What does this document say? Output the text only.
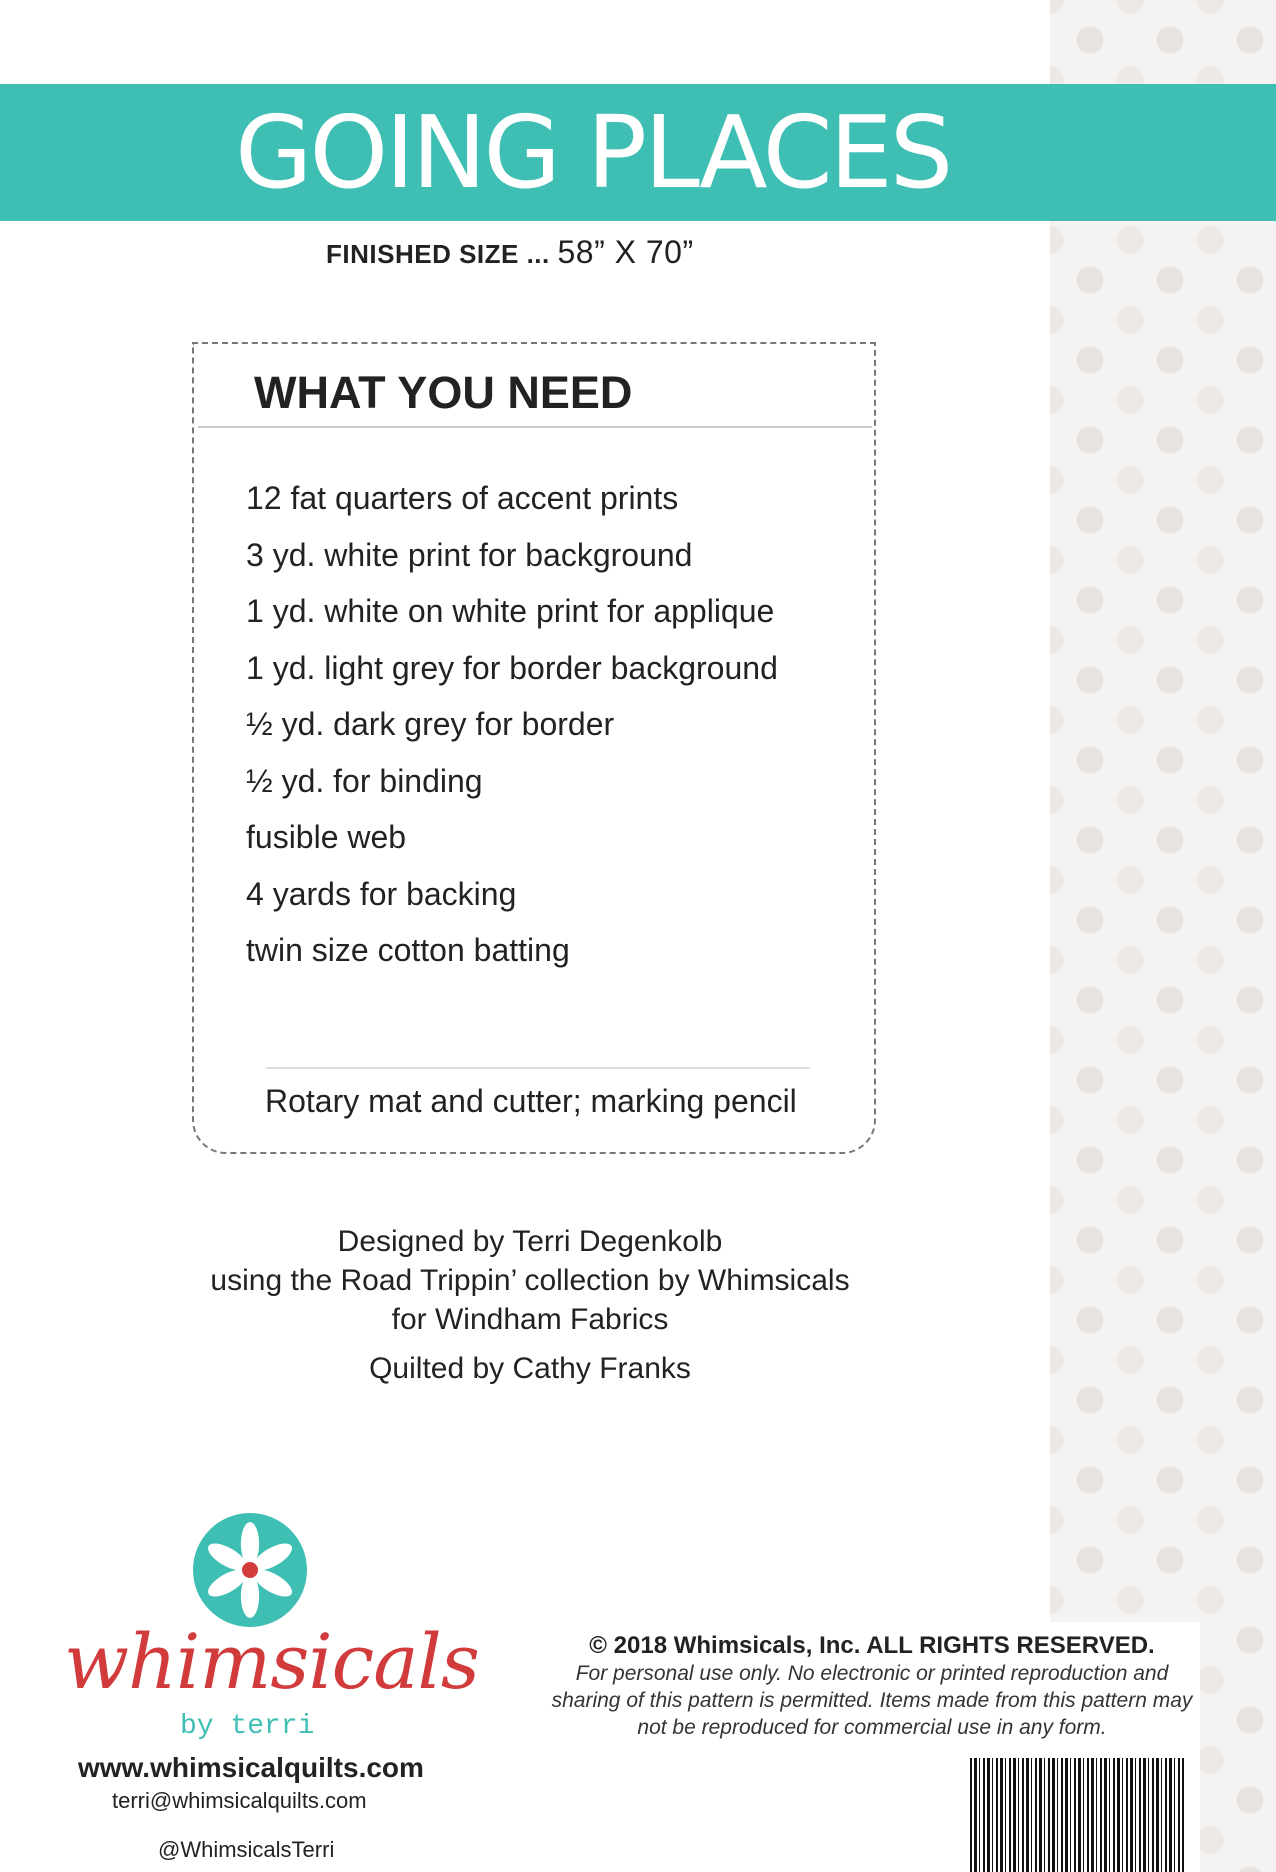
GOING PLACES
FINISHED SIZE ... 58” X 70”
WHAT YOU NEED
12 fat quarters of accent prints
3 yd. white print for background
1 yd. white on white print for applique
1 yd. light grey for border background
½ yd. dark grey for border
½ yd. for binding
fusible web
4 yards for backing
twin size cotton batting
Rotary mat and cutter; marking pencil
Designed by Terri Degenkolb
using the Road Trippin’ collection by Whimsicals
for Windham Fabrics
Quilted by Cathy Franks
whimsicals
by terri
www.whimsicalquilts.com
terri@whimsicalquilts.com
@WhimsicalsTerri
© 2018 Whimsicals, Inc. ALL RIGHTS RESERVED.
For personal use only. No electronic or printed reproduction and sharing of this pattern is permitted. Items made from this pattern may not be reproduced for commercial use in any form.
